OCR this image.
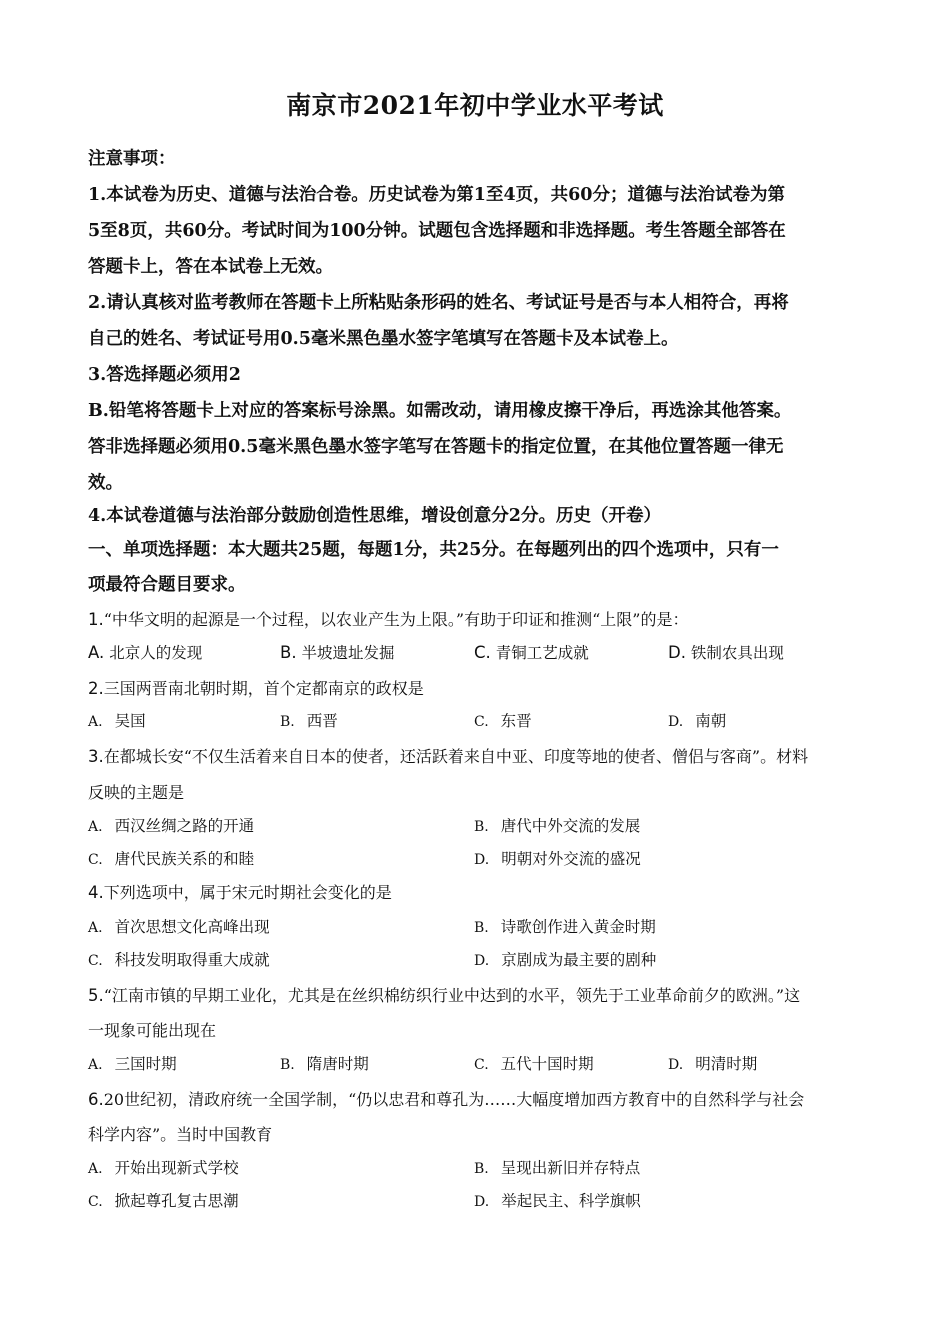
南京市2021年初中学业水平考试
注意事项：
1.本试卷为历史、道德与法治合卷。历史试卷为第1至4页，共60分；道德与法治试卷为第
5至8页，共60分。考试时间为100分钟。试题包含选择题和非选择题。考生答题全部答在
答题卡上，答在本试卷上无效。
2.请认真核对监考教师在答题卡上所粘贴条形码的姓名、考试证号是否与本人相符合，再将
自己的姓名、考试证号用0.5毫米黑色墨水签字笔填写在答题卡及本试卷上。
3.答选择题必须用2
B.铅笔将答题卡上对应的答案标号涂黑。如需改动，请用橡皮擦干净后，再选涂其他答案。
答非选择题必须用0.5毫米黑色墨水签字笔写在答题卡的指定位置，在其他位置答题一律无
效。
4.本试卷道德与法治部分鼓励创造性思维，增设创意分2分。历史（开卷）
一、单项选择题：本大题共25题，每题1分，共25分。在每题列出的四个选项中，只有一
项最符合题目要求。
1.“中华文明的起源是一个过程，以农业产生为上限。”有助于印证和推测“上限”的是：
A. 北京人的发现	B. 半坡遗址发掘	C. 青铜工艺成就	D. 铁制农具出现
2.三国两晋南北朝时期，首个定都南京的政权是
A. 吴国	B. 西晋	C. 东晋	D. 南朝
3.在都城长安“不仅生活着来自日本的使者，还活跃着来自中亚、印度等地的使者、僧侣与客商”。材料
反映的主题是
A. 西汉丝绸之路的开通	B. 唐代中外交流的发展
C. 唐代民族关系的和睦	D. 明朝对外交流的盛况
4.下列选项中，属于宋元时期社会变化的是
A. 首次思想文化高峰出现	B. 诗歌创作进入黄金时期
C. 科技发明取得重大成就	D. 京剧成为最主要的剧种
5.“江南市镇的早期工业化，尤其是在丝织棉纺织行业中达到的水平，领先于工业革命前夕的欧洲。”这
一现象可能出现在
A. 三国时期	B. 隋唐时期	C. 五代十国时期	D. 明清时期
6.20世纪初，清政府统一全国学制，“仍以忠君和尊孔为……大幅度增加西方教育中的自然科学与社会
科学内容”。当时中国教育
A. 开始出现新式学校	B. 呈现出新旧并存特点
C. 掀起尊孔复古思潮	D. 举起民主、科学旗帜
